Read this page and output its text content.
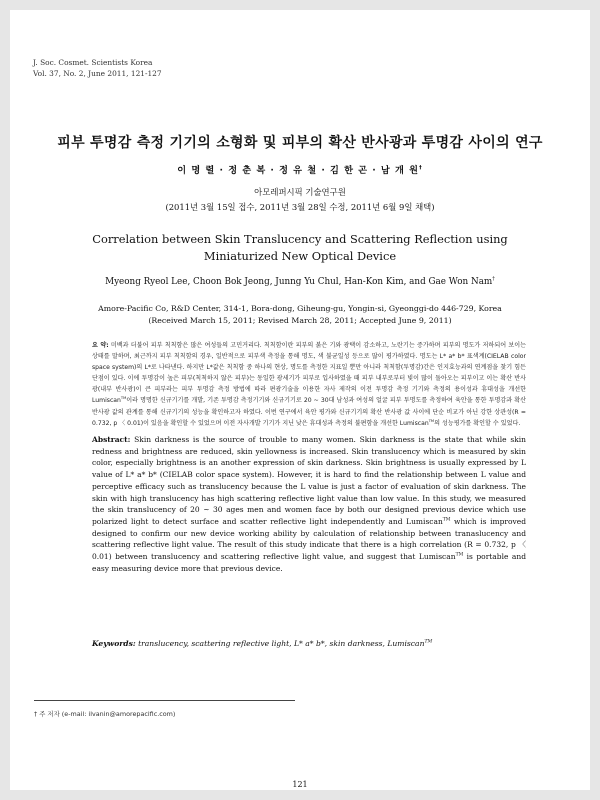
J. Soc. Cosmet. Scientists Korea
Vol. 37, No. 2, June 2011, 121-127
피부 투명감 측정 기기의 소형화 및 피부의 확산 반사광과 투명감 사이의 연구
이 명 렬 · 정 춘 복 · 정 유 철 · 김 한 곤 · 남 개 원†
아모레퍼시픽 기술연구원
(2011년 3월 15일 접수, 2011년 3월 28일 수정, 2011년 6월 9일 채택)
Correlation between Skin Translucency and Scattering Reflection using
Miniaturized New Optical Device
Myeong Ryeol Lee, Choon Bok Jeong, Junng Yu Chul, Han-Kon Kim, and Gae Won Nam†
Amore-Pacific Co, R&D Center, 314-1, Bora-dong, Giheung-gu, Yongin-si, Gyeonggi-do 446-729, Korea
(Received March 15, 2011; Revised March 28, 2011; Accepted June 9, 2011)
요 약: 미백과 더불어 피부 칙칙함은 많은 여성들의 고민거리다. 칙칙함이란 피부의 붉은 기와 광택이 감소하고, 노란기는 증가하며 피부의 명도가 저하되어 보이는 상태를 말하며, 최근까지 피부 칙칙함의 경우, 일반적으로 피부색 측정을 통해 명도, 색 불균일성 등으로 많이 평가하였다. 명도는 L* a* b* 표색계(CIELAB color space system)의 L*로 나타낸다. 하지만 L*값은 칙칙함 중 하나의 현상, 명도를 측정한 지표일 뿐만 아니라 칙칙함(투명감)간은 인지효능과의 연계점을 찾기 힘든 단점이 있다. 이에 투명감이 높은 피부(칙칙하지 않은 피부)는 동일한 광세기가 피부로 입사하였을 때 피부 내부로부터 빛이 많이 돌아오는 피부이고 이는 확산 반사광(내부 반사광)이 큰 피부라는 피부 투명감 측정 방법에 따라 편광기술을 이용한 자사 제작의 이전 투명감 측정 기기와 측정의 용이성과 휴대성을 개선한 Lumiscan™이라 명명한 신규기기를 개발, 기존 투명감 측정기기와 신규기기로 20 ~ 30대 남성과 여성의 얼굴 피부 투명도를 측정하여 육안을 통한 투명감과 확산반사광 값의 관계를 통해 신규기기의 성능을 확인하고자 하였다. 이번 연구에서 육안 평가와 신규기기의 확산 반사광 값 사이에 단순 비교가 아닌 강한 상관성(R = 0.732, p 〈 0.01)이 있음을 확인할 수 있었으며 이전 자사개발 기기가 지닌 낮은 휴대성과 측정의 불편함을 개선한 Lumiscan™의 성능평가를 확인할 수 있었다.
Abstract: Skin darkness is the source of trouble to many women. Skin darkness is the state that while skin redness and brightness are reduced, skin yellowness is increased. Skin translucency which is measured by skin color, especially brightness is an another expression of skin darkness. Skin brightness is usually expressed by L value of L* a* b* (CIELAB color space system). However, it is hard to find the relationship between L value and perceptive efficacy such as translucency because the L value is just a factor of evaluation of skin darkness. The skin with high translucency has high scattering reflective light value than low value. In this study, we measured the skin translucency of 20 ~ 30 ages men and women face by both our designed previous device which use polarized light to detect surface and scatter reflective light independently and Lumiscan™ which is improved designed to confirm our new device working ability by calculation of relationship between tranaslucency and scattering reflective light value. The result of this study indicate that there is a high correlation (R = 0.732, p 〈 0.01) between translucency and scattering reflective light value, and suggest that Lumiscan™ is portable and easy measuring device more that previous device.
Keywords: translucency, scattering reflective light, L* a* b*, skin darkness, Lumiscan™
† 주 저자 (e-mail: ilvanin@amorepacific.com)
121
